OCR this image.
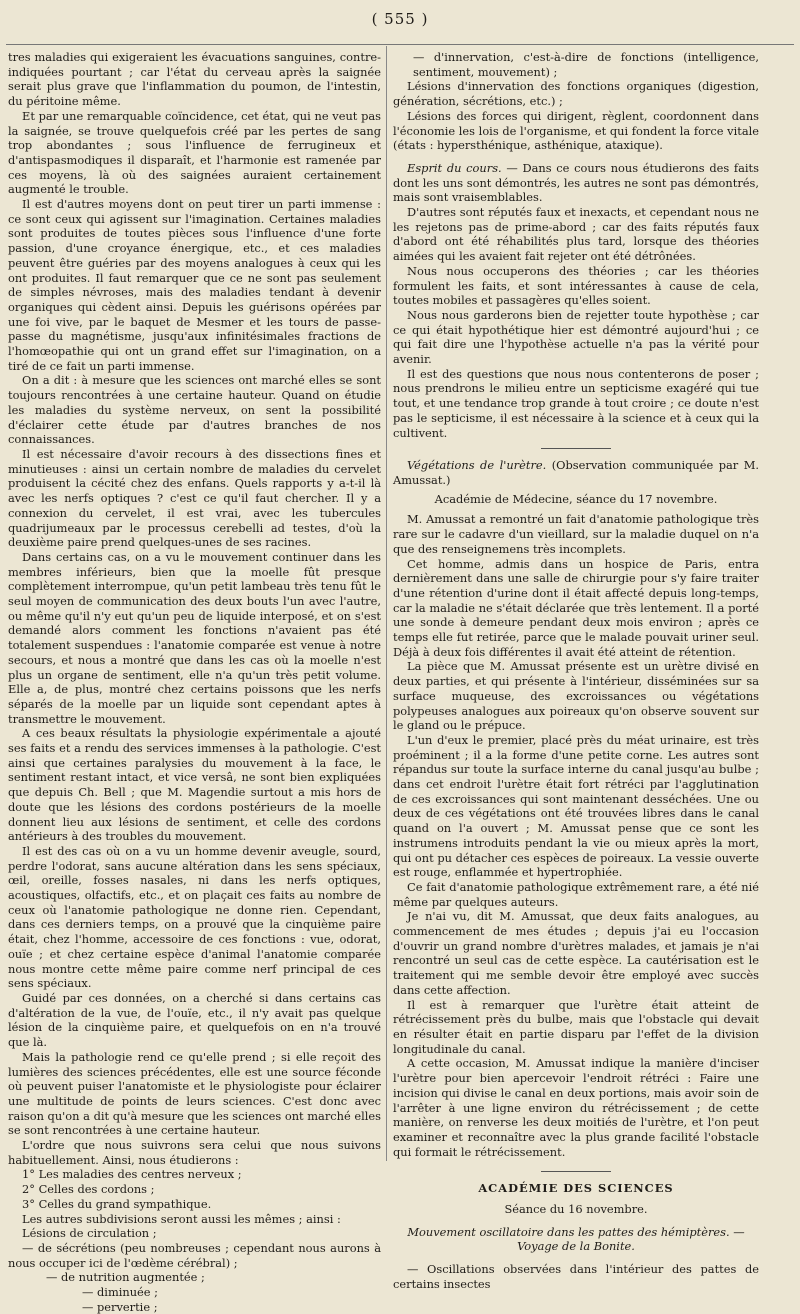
( 555 )

tres maladies qui exigeraient les évacuations sanguines, contre-indiquées pourtant ; car l'état du cerveau après la saignée serait plus grave que l'inflammation du poumon, de l'intestin, du péritoine même.

Et par une remarquable coïncidence, cet état, qui ne veut pas la saignée, se trouve quelquefois créé par les pertes de sang trop abondantes ; sous l'influence de ferrugineux et d'antispasmodiques il disparaît, et l'harmonie est ramenée par ces moyens, là où des saignées auraient certainement augmenté le trouble.

Il est d'autres moyens dont on peut tirer un parti immense : ce sont ceux qui agissent sur l'imagination. Certaines maladies sont produites de toutes pièces sous l'influence d'une forte passion, d'une croyance énergique, etc., et ces maladies peuvent être guéries par des moyens analogues à ceux qui les ont produites. Il faut remarquer que ce ne sont pas seulement de simples névroses, mais des maladies tendant à devenir organiques qui cèdent ainsi. Depuis les guérisons opérées par une foi vive, par le baquet de Mesmer et les tours de passe-passe du magnétisme, jusqu'aux infinitésimales fractions de l'homœopathie qui ont un grand effet sur l'imagination, on a tiré de ce fait un parti immense.

On a dit : à mesure que les sciences ont marché elles se sont toujours rencontrées à une certaine hauteur. Quand on étudie les maladies du système nerveux, on sent la possibilité d'éclairer cette étude par d'autres branches de nos connaissances.

Il est nécessaire d'avoir recours à des dissections fines et minutieuses : ainsi un certain nombre de maladies du cervelet produisent la cécité chez des enfans. Quels rapports y a-t-il là avec les nerfs optiques ? c'est ce qu'il faut chercher. Il y a connexion du cervelet, il est vrai, avec les tubercules quadrijumeaux par le processus cerebelli ad testes, d'où la deuxième paire prend quelques-unes de ses racines.

Dans certains cas, on a vu le mouvement continuer dans les membres inférieurs, bien que la moelle fût presque complètement interrompue, qu'un petit lambeau très tenu fût le seul moyen de communication des deux bouts l'un avec l'autre, ou même qu'il n'y eut qu'un peu de liquide interposé, et on s'est demandé alors comment les fonctions n'avaient pas été totalement suspendues : l'anatomie comparée est venue à notre secours, et nous a montré que dans les cas où la moelle n'est plus un organe de sentiment, elle n'a qu'un très petit volume. Elle a, de plus, montré chez certains poissons que les nerfs séparés de la moelle par un liquide sont cependant aptes à transmettre le mouvement.

A ces beaux résultats la physiologie expérimentale a ajouté ses faits et a rendu des services immenses à la pathologie. C'est ainsi que certaines paralysies du mouvement à la face, le sentiment restant intact, et vice versâ, ne sont bien expliquées que depuis Ch. Bell ; que M. Magendie surtout a mis hors de doute que les lésions des cordons postérieurs de la moelle donnent lieu aux lésions de sentiment, et celle des cordons antérieurs à des troubles du mouvement.

Il est des cas où on a vu un homme devenir aveugle, sourd, perdre l'odorat, sans aucune altération dans les sens spéciaux, œil, oreille, fosses nasales, ni dans les nerfs optiques, acoustiques, olfactifs, etc., et on plaçait ces faits au nombre de ceux où l'anatomie pathologique ne donne rien. Cependant, dans ces derniers temps, on a prouvé que la cinquième paire était, chez l'homme, accessoire de ces fonctions : vue, odorat, ouïe ; et chez certaine espèce d'animal l'anatomie comparée nous montre cette même paire comme nerf principal de ces sens spéciaux.

Guidé par ces données, on a cherché si dans certains cas d'altération de la vue, de l'ouïe, etc., il n'y avait pas quelque lésion de la cinquième paire, et quelquefois on en n'a trouvé que là.

Mais la pathologie rend ce qu'elle prend ; si elle reçoit des lumières des sciences précédentes, elle est une source féconde où peuvent puiser l'anatomiste et le physiologiste pour éclairer une multitude de points de leurs sciences. C'est donc avec raison qu'on a dit qu'à mesure que les sciences ont marché elles se sont rencontrées à une certaine hauteur.

L'ordre que nous suivrons sera celui que nous suivons habituellement. Ainsi, nous étudierons :

1° Les maladies des centres nerveux ;

2° Celles des cordons ;

3° Celles du grand sympathique.

Les autres subdivisions seront aussi les mêmes ; ainsi :

Lésions de circulation ;

— de sécrétions (peu nombreuses ; cependant nous aurons à nous occuper ici de l'œdème cérébral) ;

— de nutrition augmentée ;

— diminuée ;

— pervertie ;

— d'innervation, c'est-à-dire de fonctions (intelligence, sentiment, mouvement) ;

Lésions d'innervation des fonctions organiques (digestion, génération, sécrétions, etc.) ;

Lésions des forces qui dirigent, règlent, coordonnent dans l'économie les lois de l'organisme, et qui fondent la force vitale (états : hypersthénique, asthénique, ataxique).

Esprit du cours. — Dans ce cours nous étudierons des faits dont les uns sont démontrés, les autres ne sont pas démontrés, mais sont vraisemblables.

D'autres sont réputés faux et inexacts, et cependant nous ne les rejetons pas de prime-abord ; car des faits réputés faux d'abord ont été réhabilités plus tard, lorsque des théories aimées qui les avaient fait rejeter ont été détrônées.

Nous nous occuperons des théories ; car les théories formulent les faits, et sont intéressantes à cause de cela, toutes mobiles et passagères qu'elles soient.

Nous nous garderons bien de rejetter toute hypothèse ; car ce qui était hypothétique hier est démontré aujourd'hui ; ce qui fait dire une l'hypothèse actuelle n'a pas la vérité pour avenir.

Il est des questions que nous nous contenterons de poser ; nous prendrons le milieu entre un septicisme exagéré qui tue tout, et une tendance trop grande à tout croire ; ce doute n'est pas le septicisme, il est nécessaire à la science et à ceux qui la cultivent.

Végétations de l'urètre. (Observation communiquée par M. Amussat.)

Académie de Médecine, séance du 17 novembre.

M. Amussat a remontré un fait d'anatomie pathologique très rare sur le cadavre d'un vieillard, sur la maladie duquel on n'a que des renseignemens très incomplets.

Cet homme, admis dans un hospice de Paris, entra dernièrement dans une salle de chirurgie pour s'y faire traiter d'une rétention d'urine dont il était affecté depuis long-temps, car la maladie ne s'était déclarée que très lentement. Il a porté une sonde à demeure pendant deux mois environ ; après ce temps elle fut retirée, parce que le malade pouvait uriner seul. Déjà à deux fois différentes il avait été atteint de rétention.

La pièce que M. Amussat présente est un urètre divisé en deux parties, et qui présente à l'intérieur, disséminées sur sa surface muqueuse, des excroissances ou végétations polypeuses analogues aux poireaux qu'on observe souvent sur le gland ou le prépuce.

L'un d'eux le premier, placé près du méat urinaire, est très proéminent ; il a la forme d'une petite corne. Les autres sont répandus sur toute la surface interne du canal jusqu'au bulbe ; dans cet endroit l'urètre était fort rétréci par l'agglutination de ces excroissances qui sont maintenant desséchées. Une ou deux de ces végétations ont été trouvées libres dans le canal quand on l'a ouvert ; M. Amussat pense que ce sont les instrumens introduits pendant la vie ou mieux après la mort, qui ont pu détacher ces espèces de poireaux. La vessie ouverte est rouge, enflammée et hypertrophiée.

Ce fait d'anatomie pathologique extrêmement rare, a été nié même par quelques auteurs.

Je n'ai vu, dit M. Amussat, que deux faits analogues, au commencement de mes études ; depuis j'ai eu l'occasion d'ouvrir un grand nombre d'urètres malades, et jamais je n'ai rencontré un seul cas de cette espèce. La cautérisation est le traitement qui me semble devoir être employé avec succès dans cette affection.

Il est à remarquer que l'urètre était atteint de rétrécissement près du bulbe, mais que l'obstacle qui devait en résulter était en partie disparu par l'effet de la division longitudinale du canal.

A cette occasion, M. Amussat indique la manière d'inciser l'urètre pour bien apercevoir l'endroit rétréci : Faire une incision qui divise le canal en deux portions, mais avoir soin de l'arrêter à une ligne environ du rétrécissement ; de cette manière, on renverse les deux moitiés de l'urètre, et l'on peut examiner et reconnaître avec la plus grande facilité l'obstacle qui formait le rétrécissement.

ACADÉMIE DES SCIENCES

Séance du 16 novembre.

Mouvement oscillatoire dans les pattes des hémiptères. — Voyage de la Bonite.

— Oscillations observées dans l'intérieur des pattes de certains insectes
